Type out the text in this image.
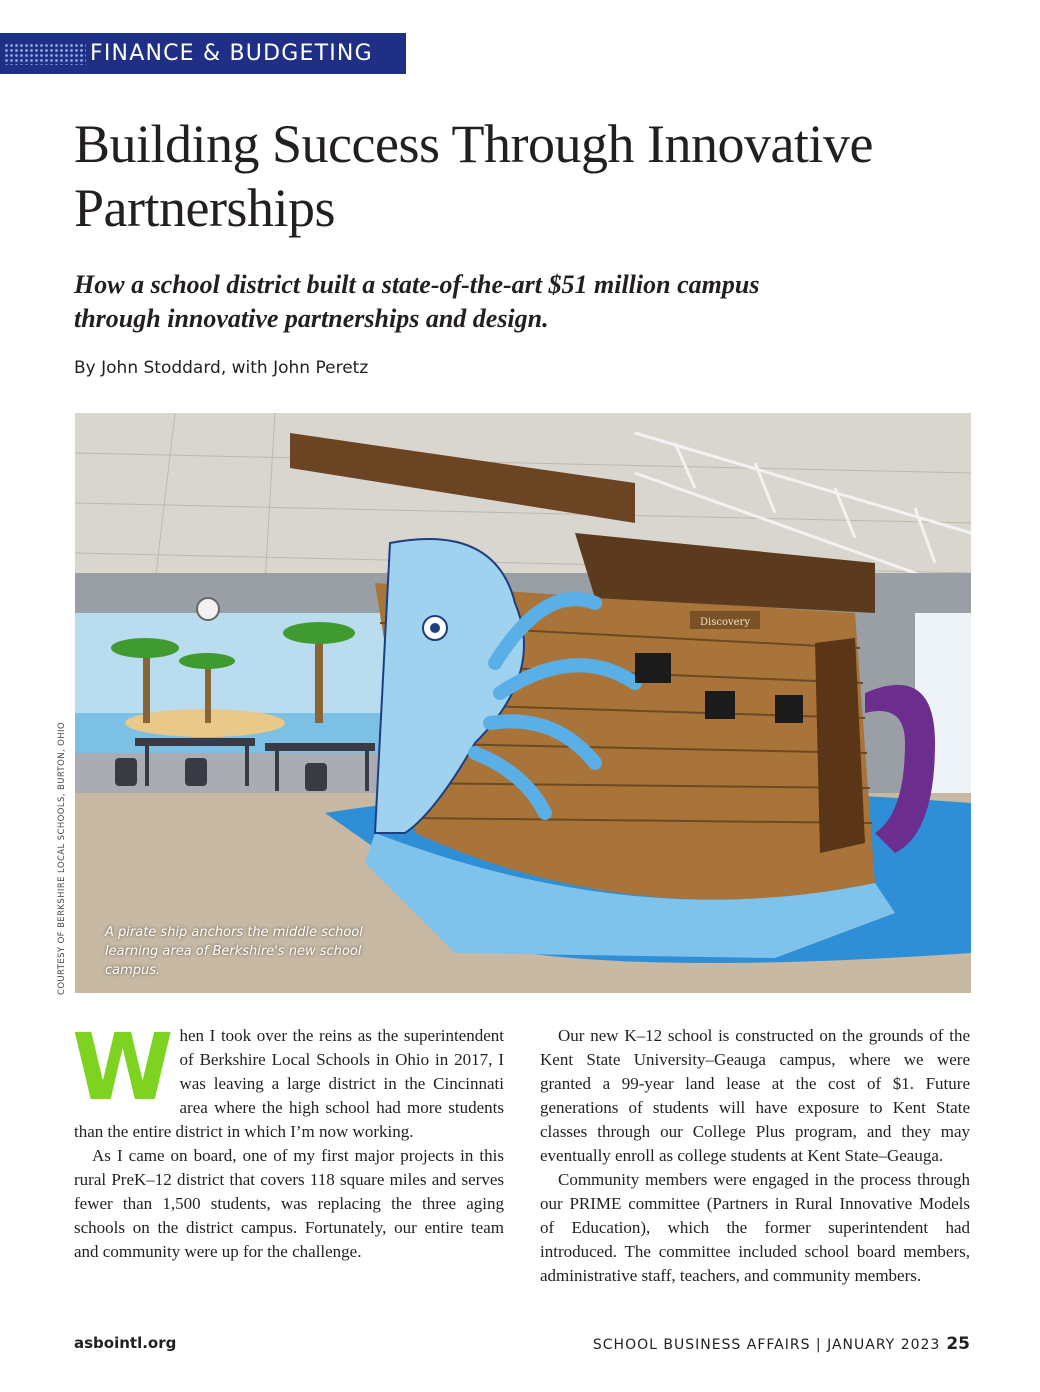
FINANCE & BUDGETING
Building Success Through Innovative Partnerships
How a school district built a state-of-the-art $51 million campus through innovative partnerships and design.

By John Stoddard, with John Peretz

Discovery

A pirate ship anchors the middle school learning area of Berkshire's new school campus.

COURTESY OF BERKSHIRE LOCAL SCHOOLS, BURTON, OHIO

When I took over the reins as the superintendent of Berkshire Local Schools in Ohio in 2017, I was leaving a large district in the Cincinnati area where the high school had more students than the entire district in which I’m now working.

As I came on board, one of my first major projects in this rural PreK–12 district that covers 118 square miles and serves fewer than 1,500 students, was replacing the three aging schools on the district campus. Fortunately, our entire team and community were up for the challenge.

Our new K–12 school is constructed on the grounds of the Kent State University–Geauga campus, where we were granted a 99-year land lease at the cost of $1. Future generations of students will have exposure to Kent State classes through our College Plus program, and they may eventually enroll as college students at Kent State–Geauga.

Community members were engaged in the process through our PRIME committee (Partners in Rural Innovative Models of Education), which the former superintendent had introduced. The committee included school board members, administrative staff, teachers, and community members.

asbointl.org	SCHOOL BUSINESS AFFAIRS | JANUARY 2023 25
